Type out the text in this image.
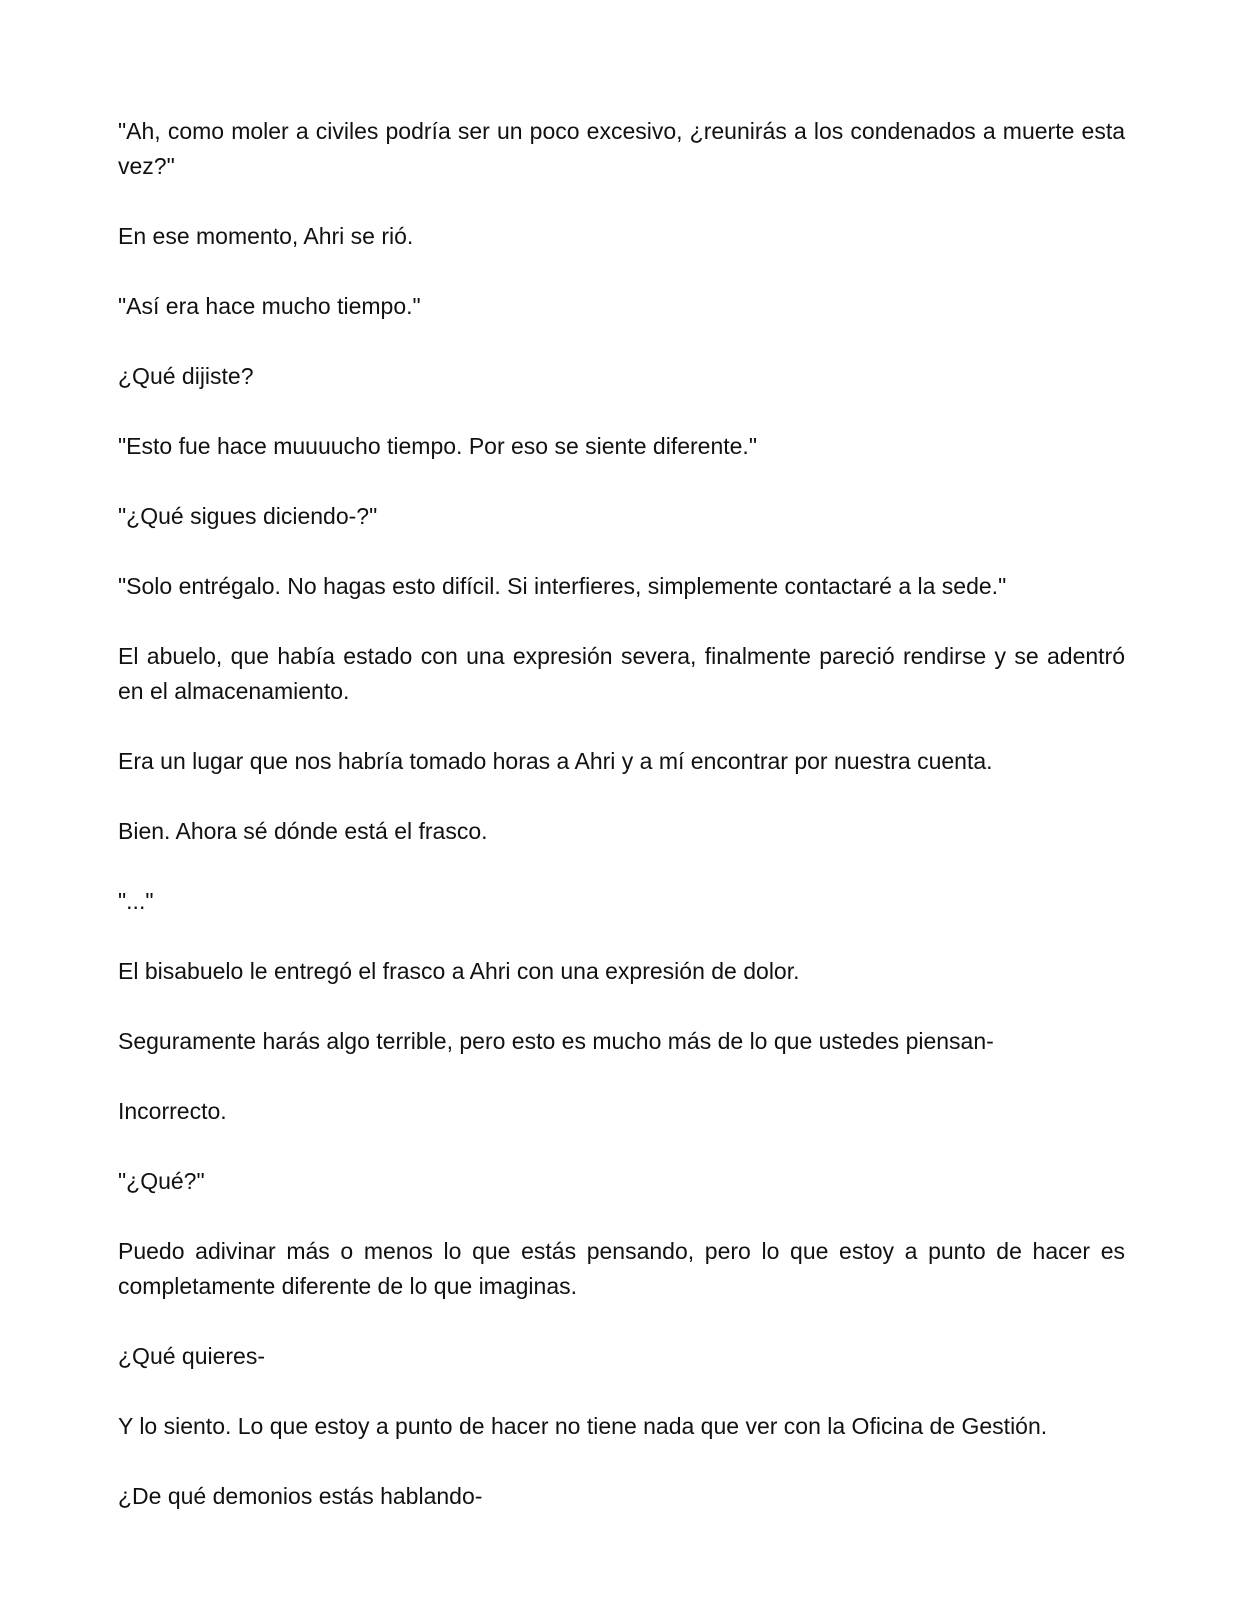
"Ah, como moler a civiles podría ser un poco excesivo, ¿reunirás a los condenados a muerte esta vez?"

En ese momento, Ahri se rió.

"Así era hace mucho tiempo."

¿Qué dijiste?

"Esto fue hace muuuucho tiempo. Por eso se siente diferente."

"¿Qué sigues diciendo-?"

"Solo entrégalo. No hagas esto difícil. Si interfieres, simplemente contactaré a la sede."

El abuelo, que había estado con una expresión severa, finalmente pareció rendirse y se adentró en el almacenamiento.

Era un lugar que nos habría tomado horas a Ahri y a mí encontrar por nuestra cuenta.

Bien. Ahora sé dónde está el frasco.

"..."

El bisabuelo le entregó el frasco a Ahri con una expresión de dolor.

Seguramente harás algo terrible, pero esto es mucho más de lo que ustedes piensan-

Incorrecto.

"¿Qué?"

Puedo adivinar más o menos lo que estás pensando, pero lo que estoy a punto de hacer es completamente diferente de lo que imaginas.

¿Qué quieres-

Y lo siento. Lo que estoy a punto de hacer no tiene nada que ver con la Oficina de Gestión.

¿De qué demonios estás hablando-
